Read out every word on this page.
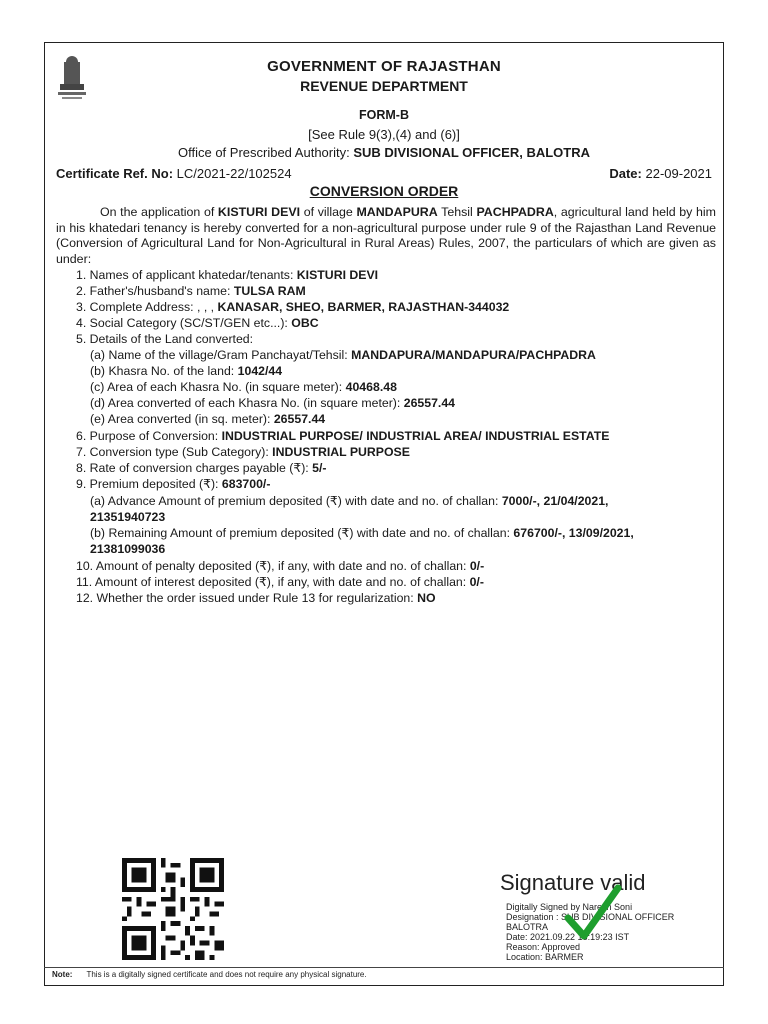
GOVERNMENT OF RAJASTHAN
REVENUE DEPARTMENT
FORM-B
[See Rule 9(3),(4) and (6)]
Office of Prescribed Authority: SUB DIVISIONAL OFFICER, BALOTRA
Certificate Ref. No: LC/2021-22/102524	Date: 22-09-2021
CONVERSION ORDER
On the application of KISTURI DEVI of village MANDAPURA Tehsil PACHPADRA, agricultural land held by him in his khatedari tenancy is hereby converted for a non-agricultural purpose under rule 9 of the Rajasthan Land Revenue (Conversion of Agricultural Land for Non-Agricultural in Rural Areas) Rules, 2007, the particulars of which are given as under:
1. Names of applicant khatedar/tenants: KISTURI DEVI
2. Father's/husband's name: TULSA RAM
3. Complete Address: , , , KANASAR, SHEO, BARMER, RAJASTHAN-344032
4. Social Category (SC/ST/GEN etc...): OBC
5. Details of the Land converted:
(a) Name of the village/Gram Panchayat/Tehsil: MANDAPURA/MANDAPURA/PACHPADRA
(b) Khasra No. of the land: 1042/44
(c) Area of each Khasra No. (in square meter): 40468.48
(d) Area converted of each Khasra No. (in square meter): 26557.44
(e) Area converted (in sq. meter): 26557.44
6. Purpose of Conversion: INDUSTRIAL PURPOSE/ INDUSTRIAL AREA/ INDUSTRIAL ESTATE
7. Conversion type (Sub Category): INDUSTRIAL PURPOSE
8. Rate of conversion charges payable (₹): 5/-
9. Premium deposited (₹): 683700/-
(a) Advance Amount of premium deposited (₹) with date and no. of challan: 7000/-, 21/04/2021,
21351940723
(b) Remaining Amount of premium deposited (₹) with date and no. of challan: 676700/-, 13/09/2021,
21381099036
10. Amount of penalty deposited (₹), if any, with date and no. of challan: 0/-
11. Amount of interest deposited (₹), if any, with date and no. of challan: 0/-
12. Whether the order issued under Rule 13 for regularization: NO
Signature valid
Digitally Signed by Naresh Soni
Designation : SUB DIVISIONAL OFFICER
BALOTRA
Date: 2021.09.22 18:19:23 IST
Reason: Approved
Location: BARMER
Note: This is a digitally signed certificate and does not require any physical signature.
